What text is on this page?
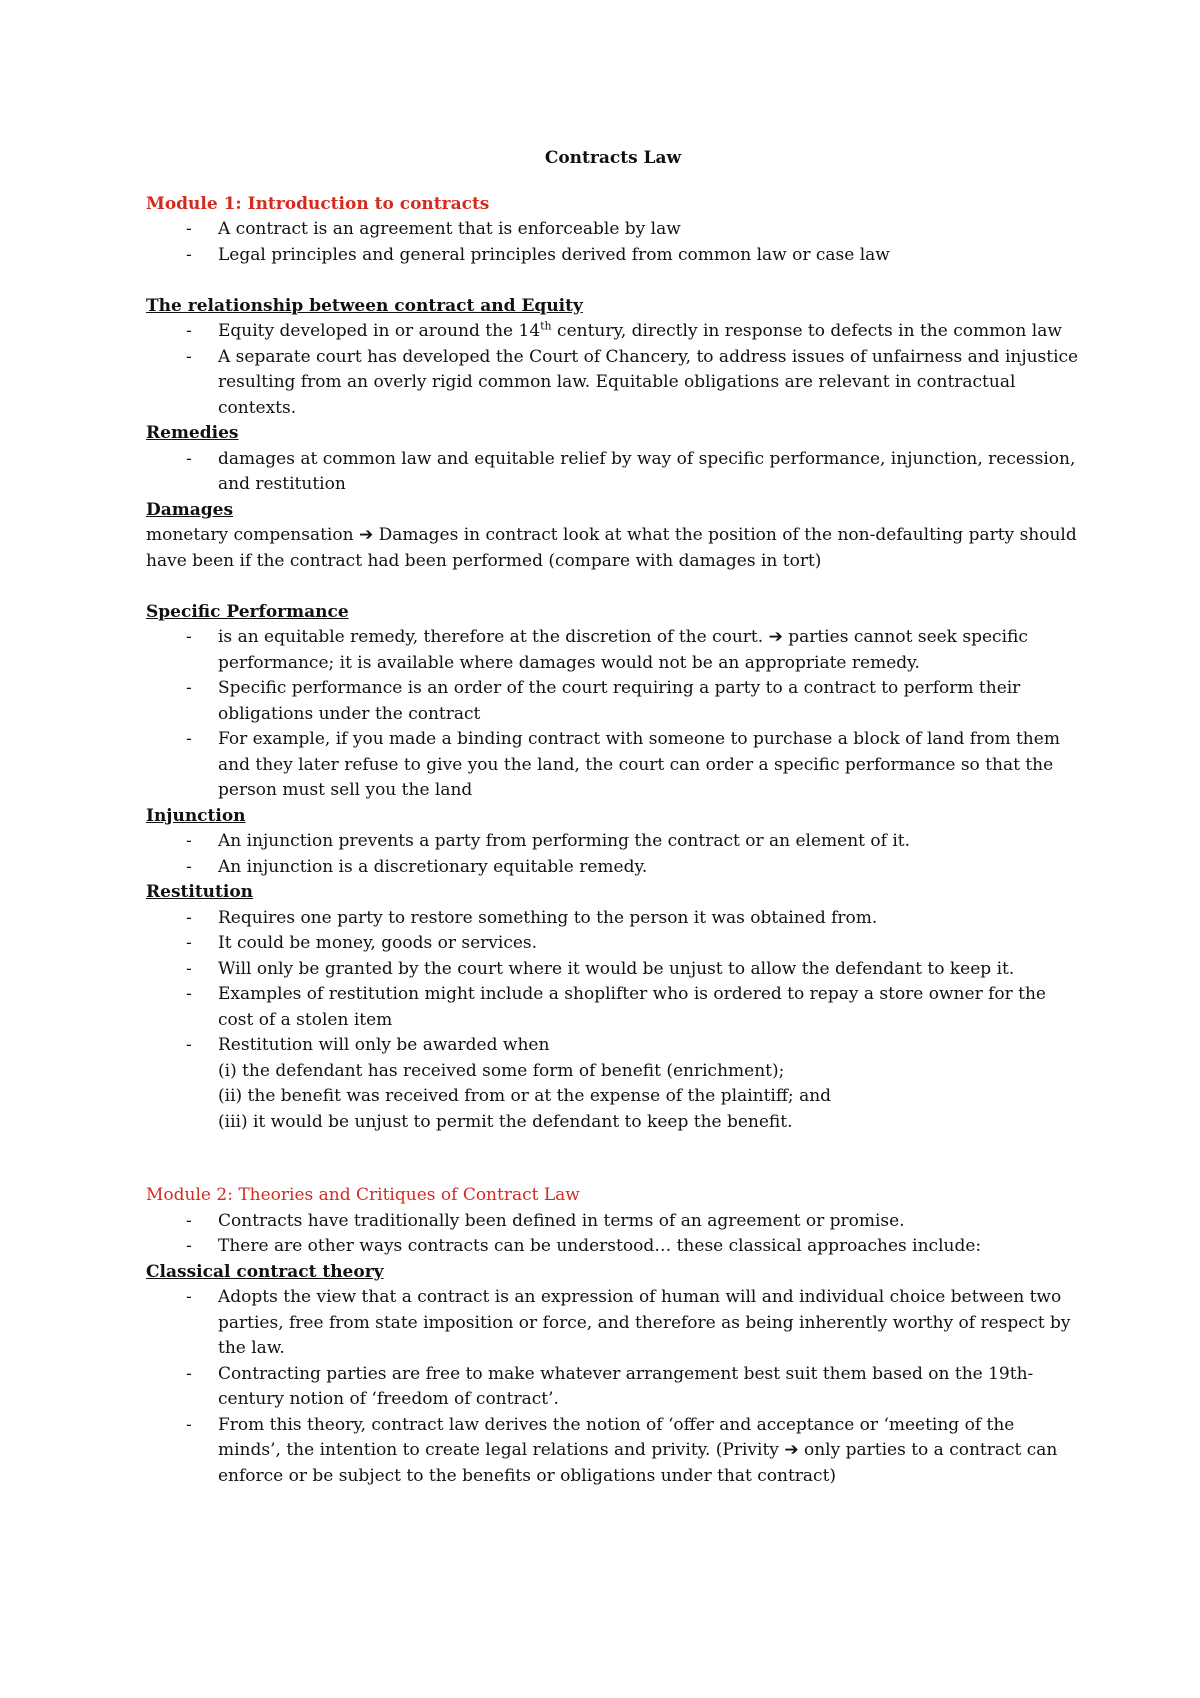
Contracts Law
Module 1: Introduction to contracts
- A contract is an agreement that is enforceable by law
- Legal principles and general principles derived from common law or case law
The relationship between contract and Equity
- Equity developed in or around the 14th century, directly in response to defects in the common law
- A separate court has developed the Court of Chancery, to address issues of unfairness and injustice resulting from an overly rigid common law. Equitable obligations are relevant in contractual contexts.
Remedies
- damages at common law and equitable relief by way of specific performance, injunction, recession, and restitution
Damages

monetary compensation ➔ Damages in contract look at what the position of the non-defaulting party should have been if the contract had been performed (compare with damages in tort)

Specific Performance
- is an equitable remedy, therefore at the discretion of the court. ➔ parties cannot seek specific performance; it is available where damages would not be an appropriate remedy.
- Specific performance is an order of the court requiring a party to a contract to perform their obligations under the contract
- For example, if you made a binding contract with someone to purchase a block of land from them and they later refuse to give you the land, the court can order a specific performance so that the person must sell you the land
Injunction
- An injunction prevents a party from performing the contract or an element of it.
- An injunction is a discretionary equitable remedy.
Restitution
- Requires one party to restore something to the person it was obtained from.
- It could be money, goods or services.
- Will only be granted by the court where it would be unjust to allow the defendant to keep it.
- Examples of restitution might include a shoplifter who is ordered to repay a store owner for the cost of a stolen item
- Restitution will only be awarded when
(i) the defendant has received some form of benefit (enrichment);
(ii) the benefit was received from or at the expense of the plaintiff; and
(iii) it would be unjust to permit the defendant to keep the benefit.
Module 2: Theories and Critiques of Contract Law
- Contracts have traditionally been defined in terms of an agreement or promise.
- There are other ways contracts can be understood… these classical approaches include:
Classical contract theory
- Adopts the view that a contract is an expression of human will and individual choice between two parties, free from state imposition or force, and therefore as being inherently worthy of respect by the law.
- Contracting parties are free to make whatever arrangement best suit them based on the 19th-century notion of ‘freedom of contract’.
- From this theory, contract law derives the notion of ‘offer and acceptance or ‘meeting of the minds’, the intention to create legal relations and privity. (Privity ➔ only parties to a contract can enforce or be subject to the benefits or obligations under that contract)
